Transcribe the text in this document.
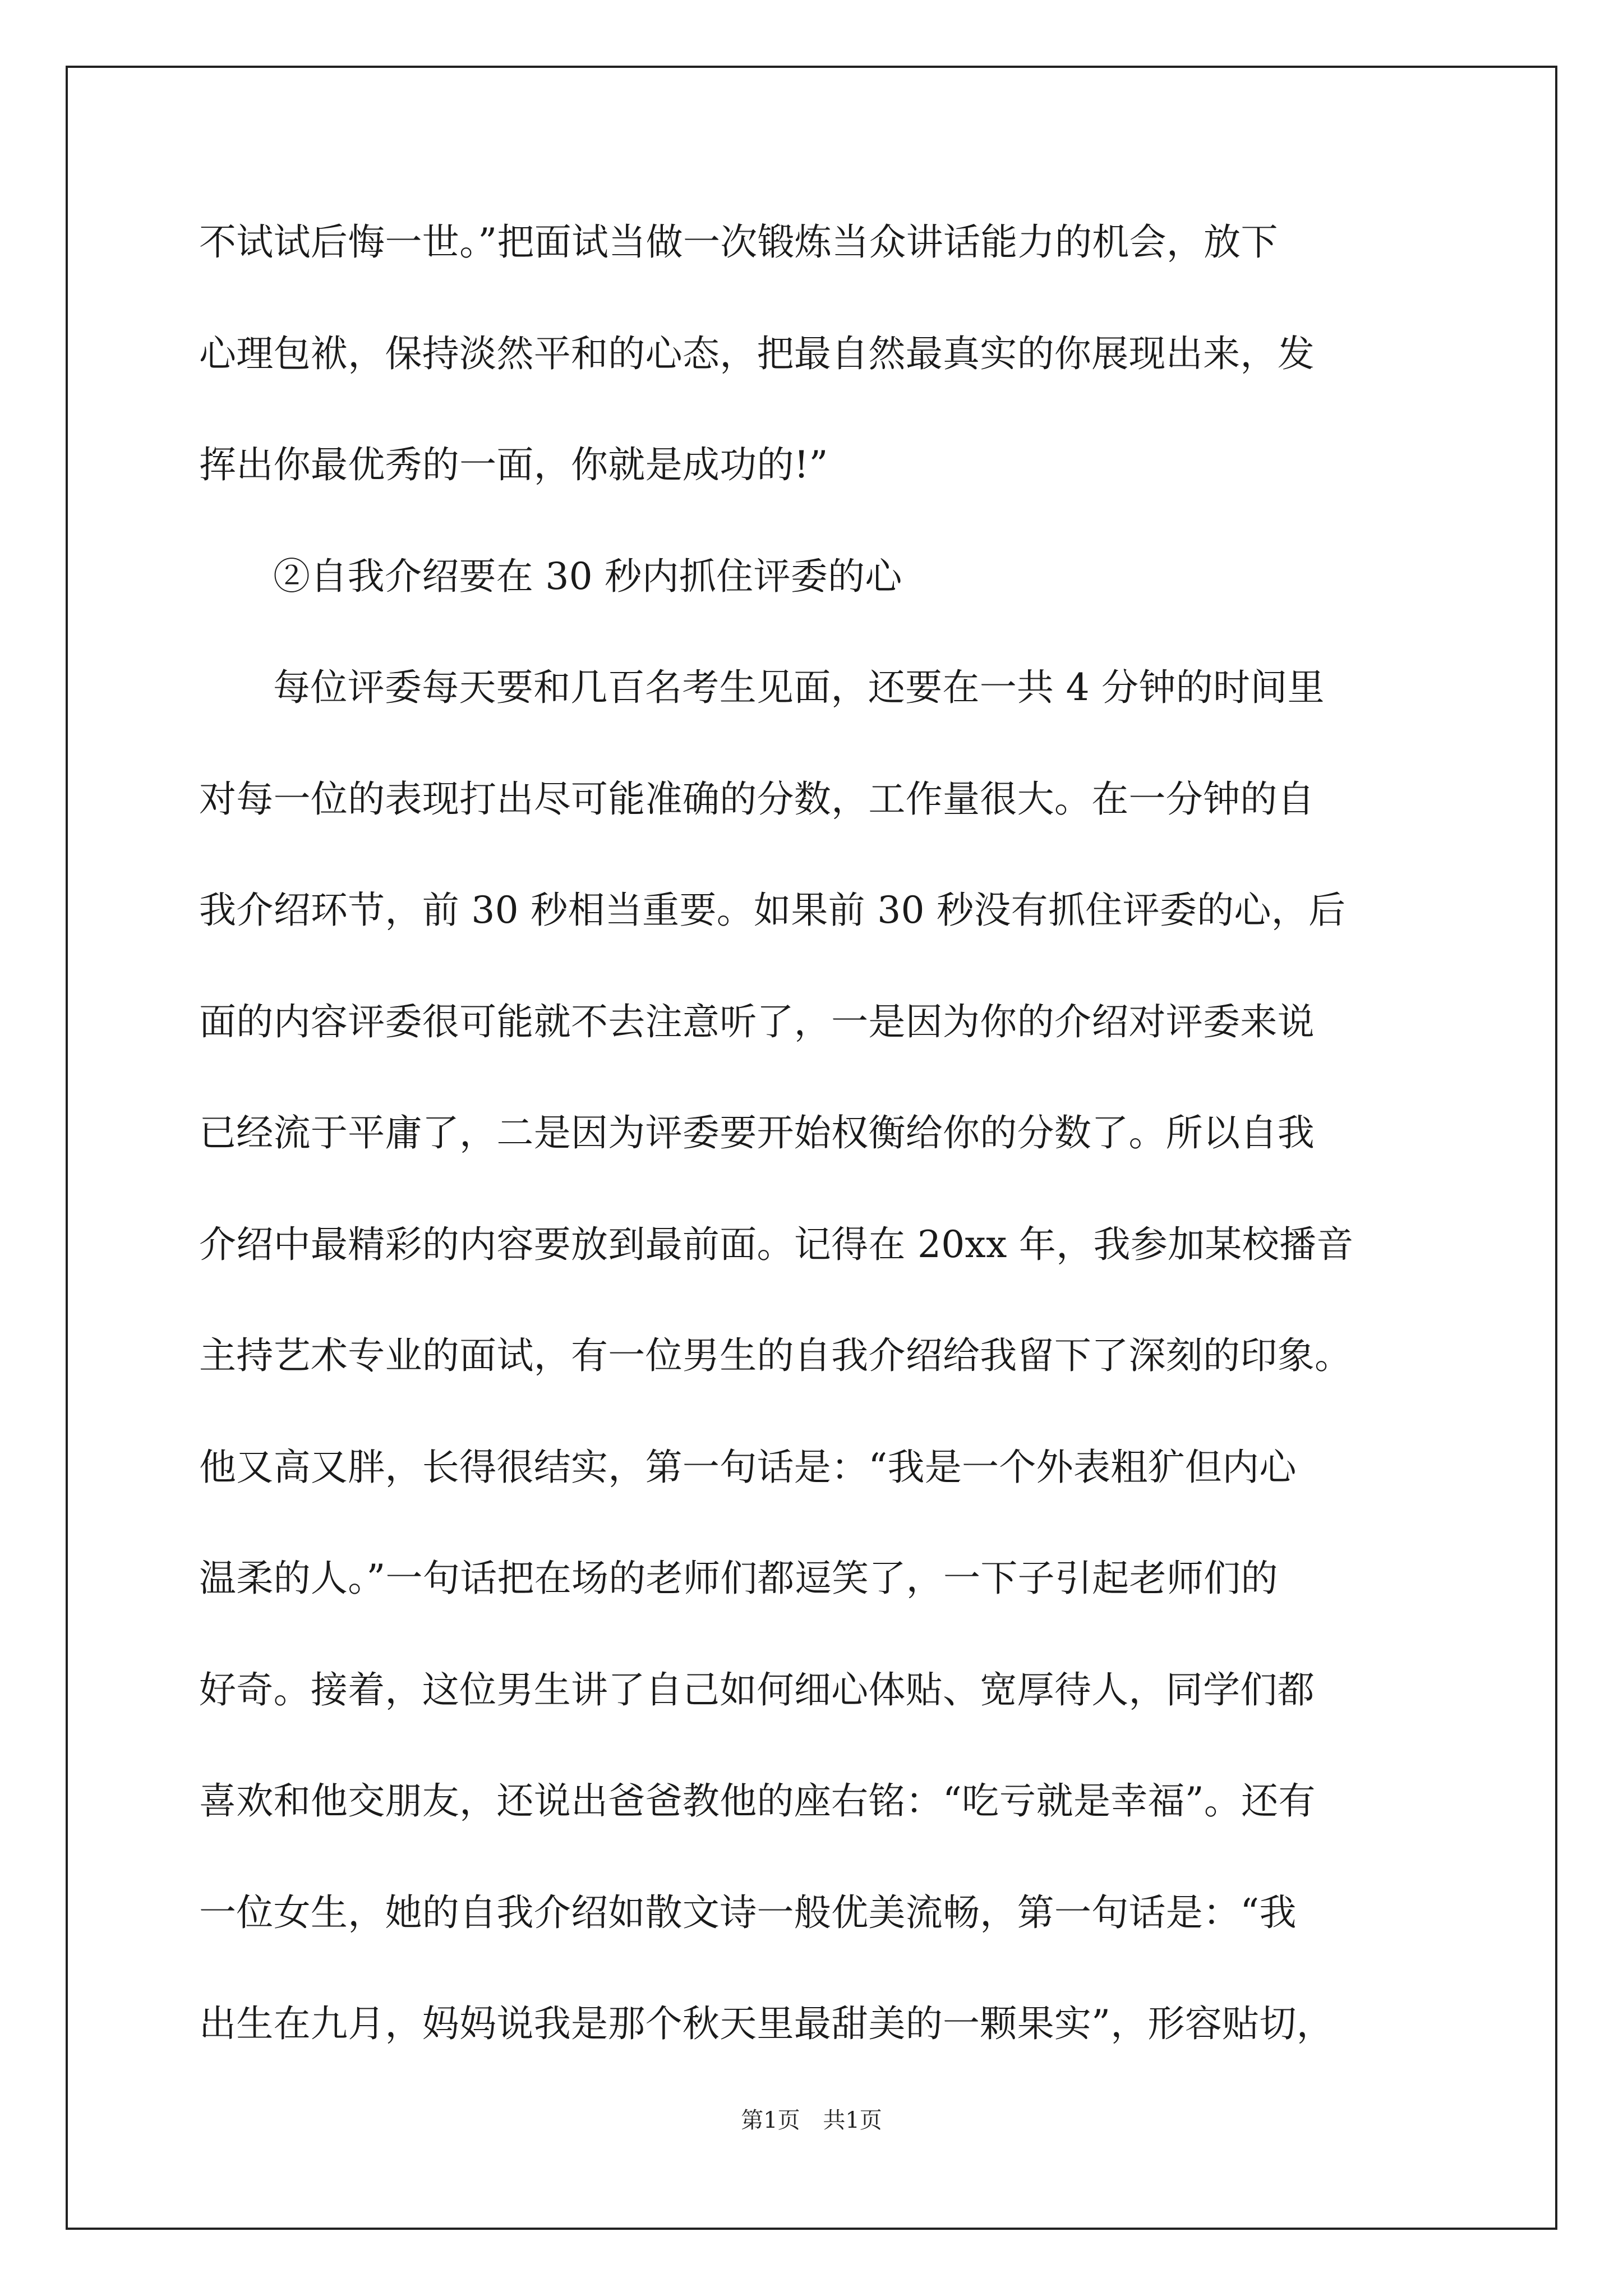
不试试后悔一世。”把面试当做一次锻炼当众讲话能力的机会，放下
心理包袱，保持淡然平和的心态，把最自然最真实的你展现出来，发
挥出你最优秀的一面，你就是成功的!”
②自我介绍要在 30 秒内抓住评委的心
每位评委每天要和几百名考生见面，还要在一共 4 分钟的时间里
对每一位的表现打出尽可能准确的分数，工作量很大。在一分钟的自
我介绍环节，前 30 秒相当重要。如果前 30 秒没有抓住评委的心，后
面的内容评委很可能就不去注意听了，一是因为你的介绍对评委来说
已经流于平庸了，二是因为评委要开始权衡给你的分数了。所以自我
介绍中最精彩的内容要放到最前面。记得在 20xx 年，我参加某校播音
主持艺术专业的面试，有一位男生的自我介绍给我留下了深刻的印象。
他又高又胖，长得很结实，第一句话是：“我是一个外表粗犷但内心
温柔的人。”一句话把在场的老师们都逗笑了，一下子引起老师们的
好奇。接着，这位男生讲了自己如何细心体贴、宽厚待人，同学们都
喜欢和他交朋友，还说出爸爸教他的座右铭：“吃亏就是幸福”。还有
一位女生，她的自我介绍如散文诗一般优美流畅，第一句话是：“我
出生在九月，妈妈说我是那个秋天里最甜美的一颗果实”，形容贴切，
第1页 共1页
